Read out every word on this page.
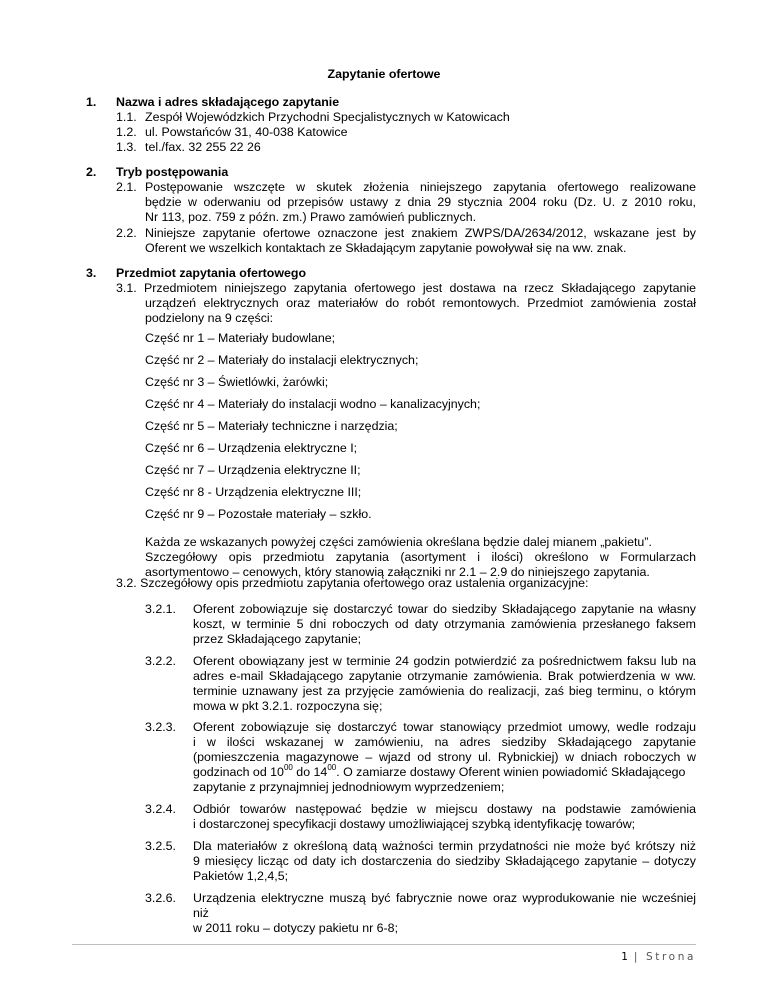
Zapytanie ofertowe
1. Nazwa i adres składającego zapytanie
1.1. Zespół Wojewódzkich Przychodni Specjalistycznych w Katowicach
1.2. ul. Powstańców 31, 40-038 Katowice
1.3. tel./fax. 32 255 22 26
2. Tryb postępowania
2.1. Postępowanie wszczęte w skutek złożenia niniejszego zapytania ofertowego realizowane
będzie w oderwaniu od przepisów ustawy z dnia 29 stycznia 2004 roku (Dz. U. z 2010 roku,
Nr 113, poz. 759 z późn. zm.) Prawo zamówień publicznych.
2.2. Niniejsze zapytanie ofertowe oznaczone jest znakiem ZWPS/DA/2634/2012, wskazane jest by
Oferent we wszelkich kontaktach ze Składającym zapytanie powoływał się na ww. znak.
3. Przedmiot zapytania ofertowego
3.1. Przedmiotem niniejszego zapytania ofertowego jest dostawa na rzecz Składającego zapytanie
urządzeń elektrycznych oraz materiałów do robót remontowych. Przedmiot zamówienia został
podzielony na 9 części:
Część nr 1 – Materiały budowlane;
Część nr 2 – Materiały do instalacji elektrycznych;
Część nr 3 – Świetlówki, żarówki;
Część nr 4 – Materiały do instalacji wodno – kanalizacyjnych;
Część nr 5 – Materiały techniczne i narzędzia;
Część nr 6 – Urządzenia elektryczne I;
Część nr 7 – Urządzenia elektryczne II;
Część nr 8 - Urządzenia elektryczne III;
Część nr 9 – Pozostałe materiały – szkło.
Każda ze wskazanych powyżej części zamówienia określana będzie dalej mianem „pakietu”.
Szczegółowy opis przedmiotu zapytania (asortyment i ilości) określono w Formularzach
asortymentowo – cenowych, który stanowią załączniki nr 2.1 – 2.9 do niniejszego zapytania.
3.2. Szczegółowy opis przedmiotu zapytania ofertowego oraz ustalenia organizacyjne:
3.2.1. Oferent zobowiązuje się dostarczyć towar do siedziby Składającego zapytanie na własny
koszt, w terminie 5 dni roboczych od daty otrzymania zamówienia przesłanego faksem
przez Składającego zapytanie;
3.2.2. Oferent obowiązany jest w terminie 24 godzin potwierdzić za pośrednictwem faksu lub na
adres e-mail Składającego zapytanie otrzymanie zamówienia. Brak potwierdzenia w ww.
terminie uznawany jest za przyjęcie zamówienia do realizacji, zaś bieg terminu, o którym
mowa w pkt 3.2.1. rozpoczyna się;
3.2.3. Oferent zobowiązuje się dostarczyć towar stanowiący przedmiot umowy, wedle rodzaju
i w ilości wskazanej w zamówieniu, na adres siedziby Składającego zapytanie
(pomieszczenia magazynowe – wjazd od strony ul. Rybnickiej) w dniach roboczych w
godzinach od $10^{00}$ do $14^{00}$. O zamiarze dostawy Oferent winien powiadomić Składającego
zapytanie z przynajmniej jednodniowym wyprzedzeniem;
3.2.4. Odbiór towarów następować będzie w miejscu dostawy na podstawie zamówienia
i dostarczonej specyfikacji dostawy umożliwiającej szybką identyfikację towarów;
3.2.5. Dla materiałów z określoną datą ważności termin przydatności nie może być krótszy niż
9 miesięcy licząc od daty ich dostarczenia do siedziby Składającego zapytanie – dotyczy
Pakietów 1,2,4,5;
3.2.6. Urządzenia elektryczne muszą być fabrycznie nowe oraz wyprodukowanie nie wcześniej niż
w 2011 roku – dotyczy pakietu nr 6-8;
1 | Strona
